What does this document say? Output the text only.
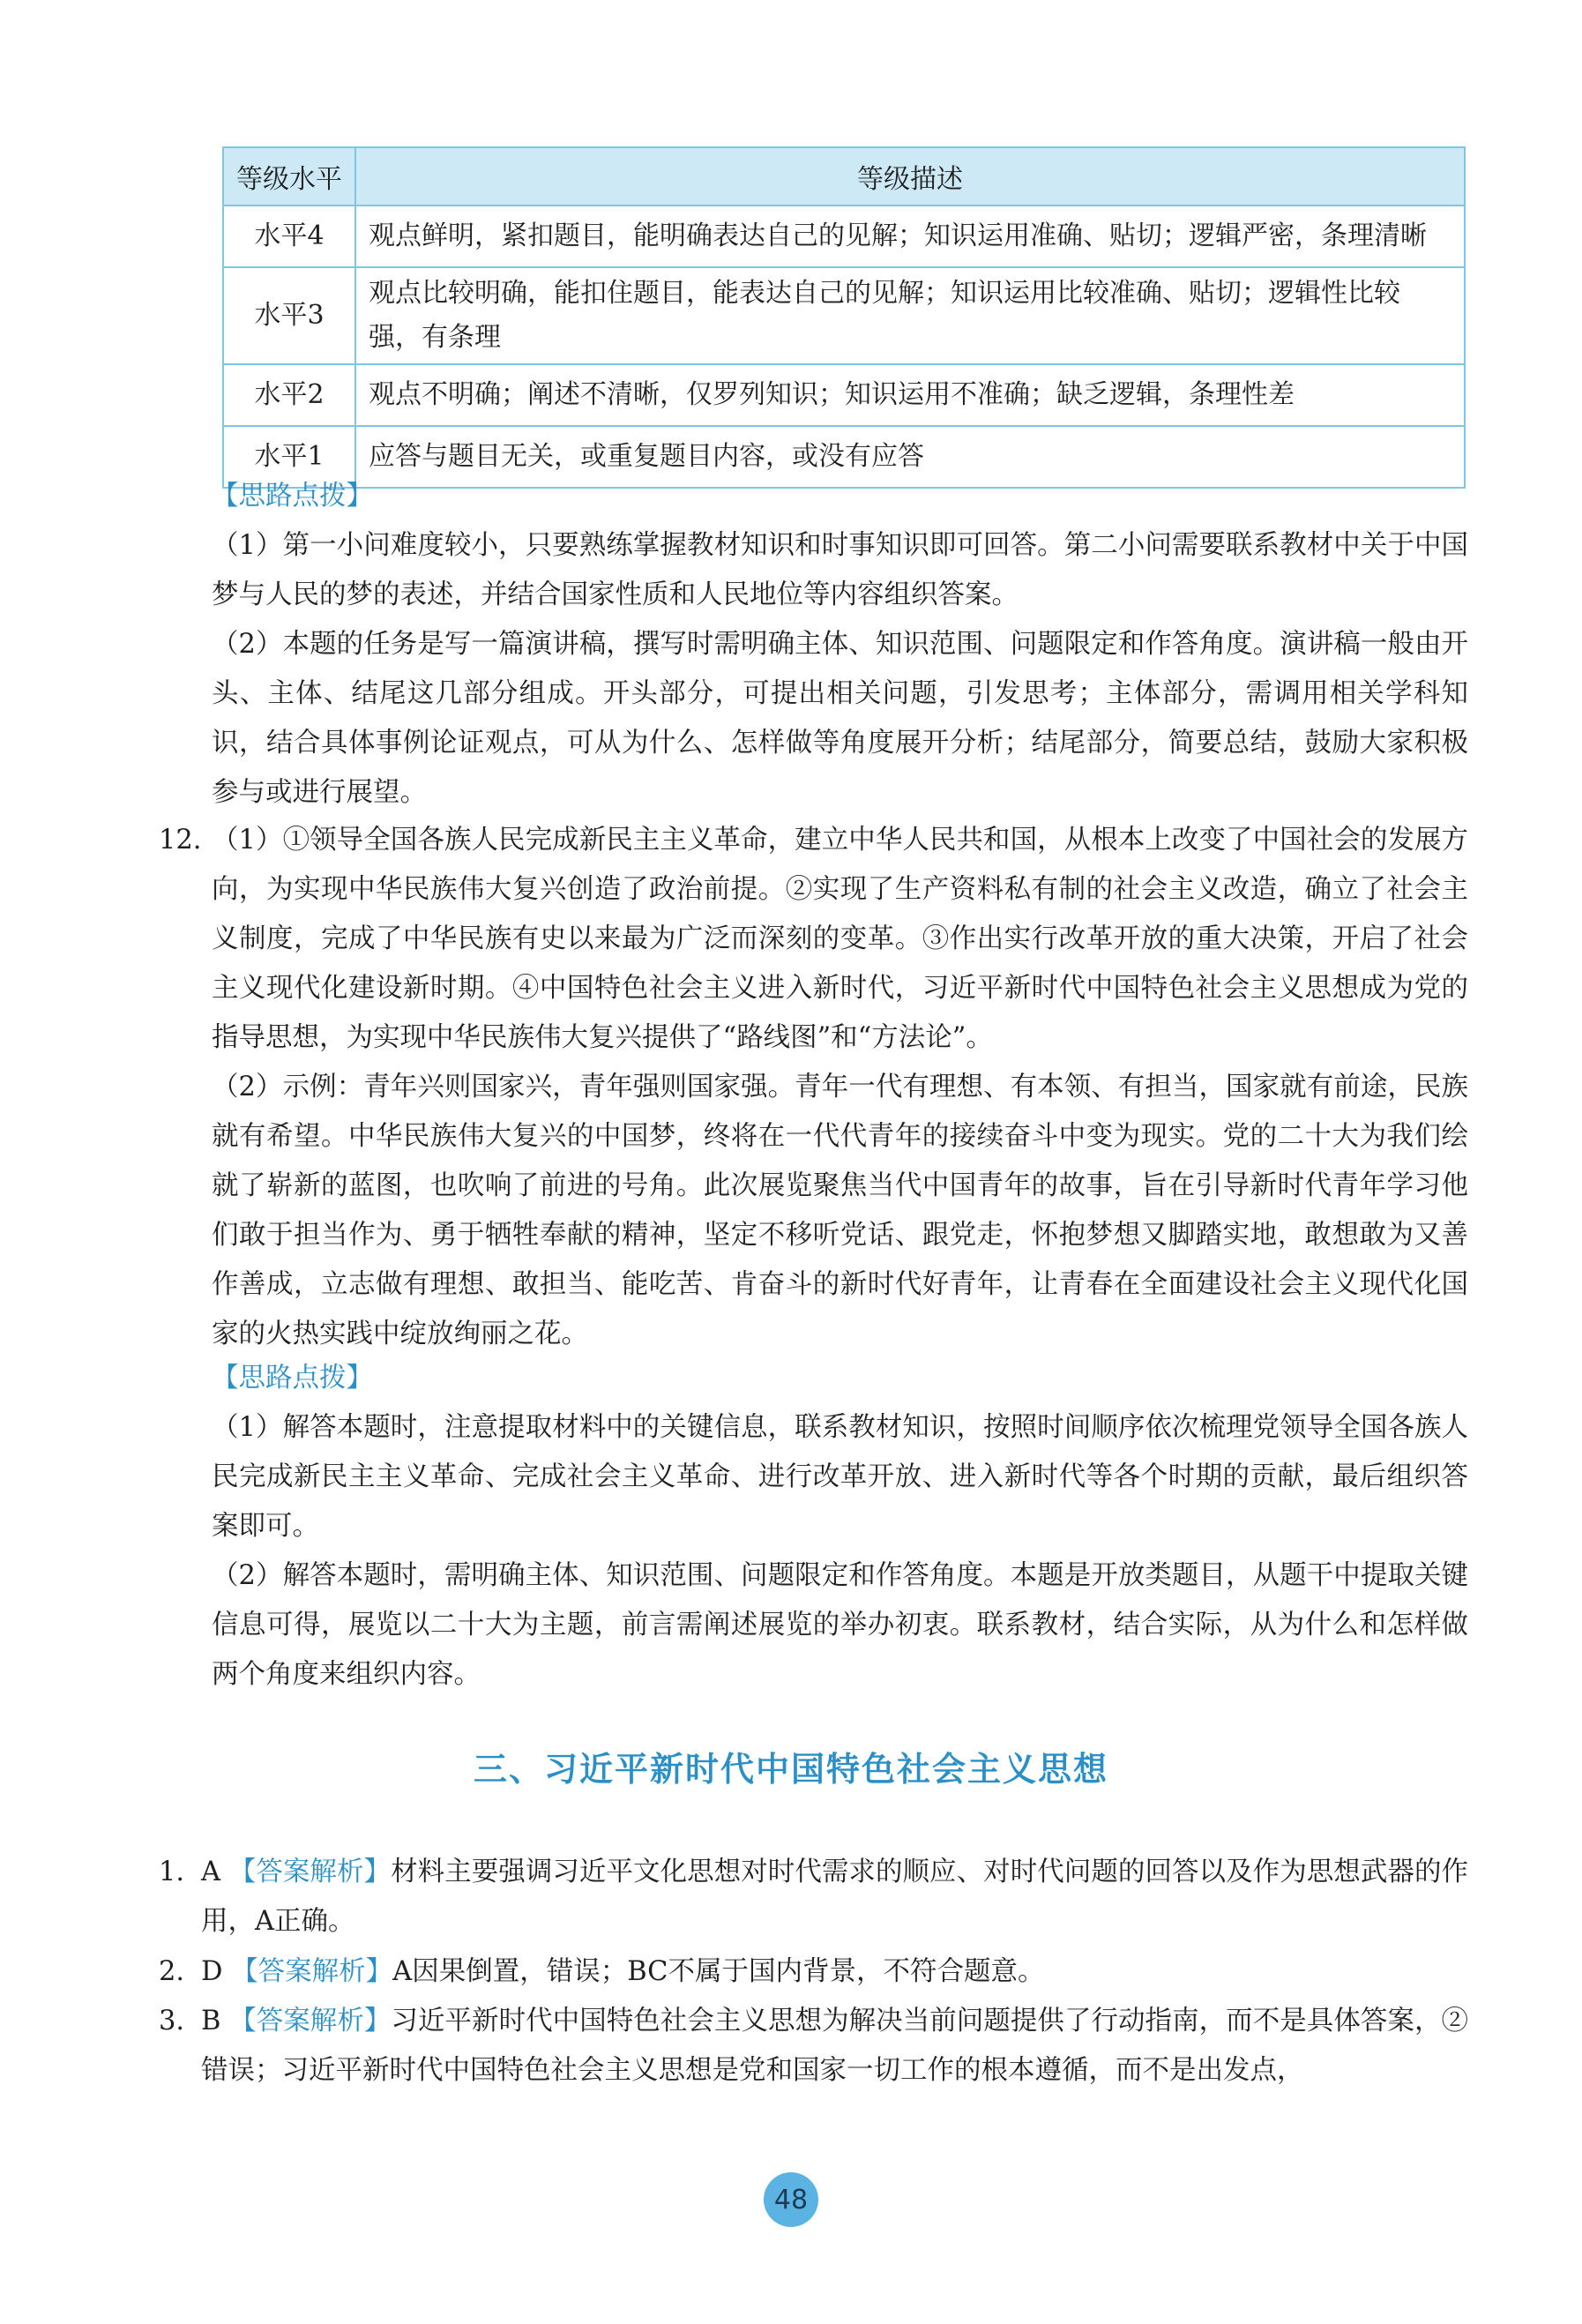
等级水平	等级描述
水平4	观点鲜明，紧扣题目，能明确表达自己的见解；知识运用准确、贴切；逻辑严密，条理清晰
水平3	观点比较明确，能扣住题目，能表达自己的见解；知识运用比较准确、贴切；逻辑性比较强，有条理
水平2	观点不明确；阐述不清晰，仅罗列知识；知识运用不准确；缺乏逻辑，条理性差
水平1	应答与题目无关，或重复题目内容，或没有应答

【思路点拨】

（1）第一小问难度较小，只要熟练掌握教材知识和时事知识即可回答。第二小问需要联系教材中关于中国梦与人民的梦的表述，并结合国家性质和人民地位等内容组织答案。

（2）本题的任务是写一篇演讲稿，撰写时需明确主体、知识范围、问题限定和作答角度。演讲稿一般由开头、主体、结尾这几部分组成。开头部分，可提出相关问题，引发思考；主体部分，需调用相关学科知识，结合具体事例论证观点，可从为什么、怎样做等角度展开分析；结尾部分，简要总结，鼓励大家积极参与或进行展望。

12. （1）①领导全国各族人民完成新民主主义革命，建立中华人民共和国，从根本上改变了中国社会的发展方向，为实现中华民族伟大复兴创造了政治前提。②实现了生产资料私有制的社会主义改造，确立了社会主义制度，完成了中华民族有史以来最为广泛而深刻的变革。③作出实行改革开放的重大决策，开启了社会主义现代化建设新时期。④中国特色社会主义进入新时代，习近平新时代中国特色社会主义思想成为党的指导思想，为实现中华民族伟大复兴提供了“路线图”和“方法论”。

（2）示例：青年兴则国家兴，青年强则国家强。青年一代有理想、有本领、有担当，国家就有前途，民族就有希望。中华民族伟大复兴的中国梦，终将在一代代青年的接续奋斗中变为现实。党的二十大为我们绘就了崭新的蓝图，也吹响了前进的号角。此次展览聚焦当代中国青年的故事，旨在引导新时代青年学习他们敢于担当作为、勇于牺牲奉献的精神，坚定不移听党话、跟党走，怀抱梦想又脚踏实地，敢想敢为又善作善成，立志做有理想、敢担当、能吃苦、肯奋斗的新时代好青年，让青春在全面建设社会主义现代化国家的火热实践中绽放绚丽之花。

【思路点拨】

（1）解答本题时，注意提取材料中的关键信息，联系教材知识，按照时间顺序依次梳理党领导全国各族人民完成新民主主义革命、完成社会主义革命、进行改革开放、进入新时代等各个时期的贡献，最后组织答案即可。

（2）解答本题时，需明确主体、知识范围、问题限定和作答角度。本题是开放类题目，从题干中提取关键信息可得，展览以二十大为主题，前言需阐述展览的举办初衷。联系教材，结合实际，从为什么和怎样做两个角度来组织内容。

三、习近平新时代中国特色社会主义思想
1. A 【答案解析】材料主要强调习近平文化思想对时代需求的顺应、对时代问题的回答以及作为思想武器的作用，A正确。
2. D 【答案解析】A因果倒置，错误；BC不属于国内背景，不符合题意。
3. B 【答案解析】习近平新时代中国特色社会主义思想为解决当前问题提供了行动指南，而不是具体答案，②错误；习近平新时代中国特色社会主义思想是党和国家一切工作的根本遵循，而不是出发点，
48
